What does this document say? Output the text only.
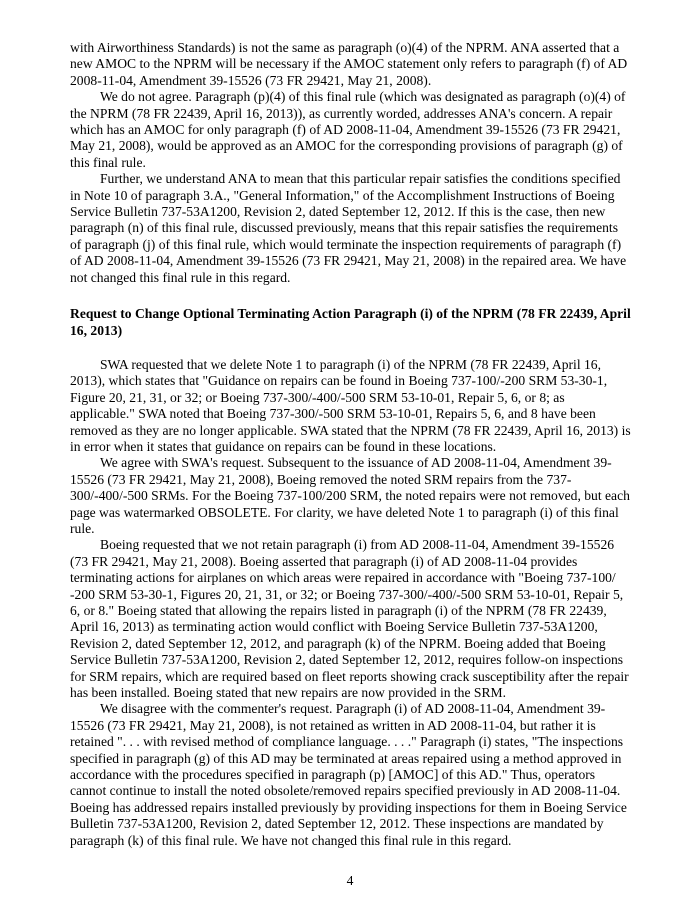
with Airworthiness Standards) is not the same as paragraph (o)(4) of the NPRM. ANA asserted that a new AMOC to the NPRM will be necessary if the AMOC statement only refers to paragraph (f) of AD 2008-11-04, Amendment 39-15526 (73 FR 29421, May 21, 2008).

We do not agree. Paragraph (p)(4) of this final rule (which was designated as paragraph (o)(4) of the NPRM (78 FR 22439, April 16, 2013)), as currently worded, addresses ANA's concern. A repair which has an AMOC for only paragraph (f) of AD 2008-11-04, Amendment 39-15526 (73 FR 29421, May 21, 2008), would be approved as an AMOC for the corresponding provisions of paragraph (g) of this final rule.

Further, we understand ANA to mean that this particular repair satisfies the conditions specified in Note 10 of paragraph 3.A., "General Information," of the Accomplishment Instructions of Boeing Service Bulletin 737-53A1200, Revision 2, dated September 12, 2012. If this is the case, then new paragraph (n) of this final rule, discussed previously, means that this repair satisfies the requirements of paragraph (j) of this final rule, which would terminate the inspection requirements of paragraph (f) of AD 2008-11-04, Amendment 39-15526 (73 FR 29421, May 21, 2008) in the repaired area. We have not changed this final rule in this regard.

Request to Change Optional Terminating Action Paragraph (i) of the NPRM (78 FR 22439, April 16, 2013)

SWA requested that we delete Note 1 to paragraph (i) of the NPRM (78 FR 22439, April 16, 2013), which states that "Guidance on repairs can be found in Boeing 737-100/-200 SRM 53-30-1, Figure 20, 21, 31, or 32; or Boeing 737-300/-400/-500 SRM 53-10-01, Repair 5, 6, or 8; as applicable." SWA noted that Boeing 737-300/-500 SRM 53-10-01, Repairs 5, 6, and 8 have been removed as they are no longer applicable. SWA stated that the NPRM (78 FR 22439, April 16, 2013) is in error when it states that guidance on repairs can be found in these locations.

We agree with SWA's request. Subsequent to the issuance of AD 2008-11-04, Amendment 39-15526 (73 FR 29421, May 21, 2008), Boeing removed the noted SRM repairs from the 737-300/-400/-500 SRMs. For the Boeing 737-100/200 SRM, the noted repairs were not removed, but each page was watermarked OBSOLETE. For clarity, we have deleted Note 1 to paragraph (i) of this final rule.

Boeing requested that we not retain paragraph (i) from AD 2008-11-04, Amendment 39-15526 (73 FR 29421, May 21, 2008). Boeing asserted that paragraph (i) of AD 2008-11-04 provides terminating actions for airplanes on which areas were repaired in accordance with "Boeing 737-100/ -200 SRM 53-30-1, Figures 20, 21, 31, or 32; or Boeing 737-300/-400/-500 SRM 53-10-01, Repair 5, 6, or 8." Boeing stated that allowing the repairs listed in paragraph (i) of the NPRM (78 FR 22439, April 16, 2013) as terminating action would conflict with Boeing Service Bulletin 737-53A1200, Revision 2, dated September 12, 2012, and paragraph (k) of the NPRM. Boeing added that Boeing Service Bulletin 737-53A1200, Revision 2, dated September 12, 2012, requires follow-on inspections for SRM repairs, which are required based on fleet reports showing crack susceptibility after the repair has been installed. Boeing stated that new repairs are now provided in the SRM.

We disagree with the commenter's request. Paragraph (i) of AD 2008-11-04, Amendment 39-15526 (73 FR 29421, May 21, 2008), is not retained as written in AD 2008-11-04, but rather it is retained ". . . with revised method of compliance language. . . ." Paragraph (i) states, "The inspections specified in paragraph (g) of this AD may be terminated at areas repaired using a method approved in accordance with the procedures specified in paragraph (p) [AMOC] of this AD." Thus, operators cannot continue to install the noted obsolete/removed repairs specified previously in AD 2008-11-04. Boeing has addressed repairs installed previously by providing inspections for them in Boeing Service Bulletin 737-53A1200, Revision 2, dated September 12, 2012. These inspections are mandated by paragraph (k) of this final rule. We have not changed this final rule in this regard.

4
